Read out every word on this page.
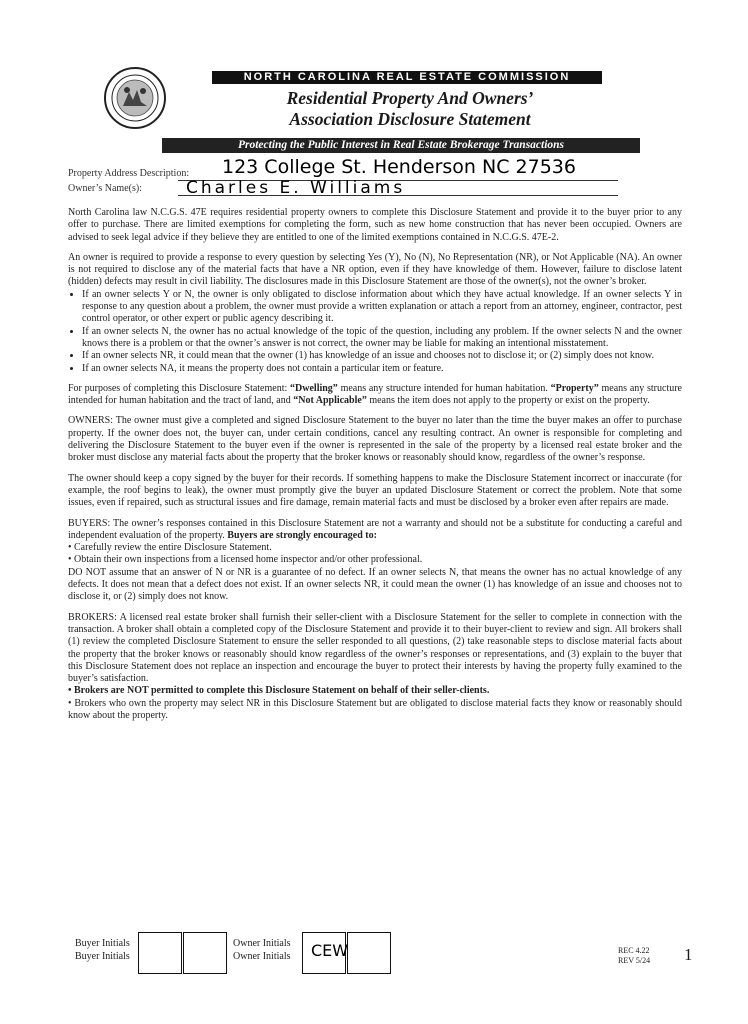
NORTH CAROLINA REAL ESTATE COMMISSION
Residential Property And Owners’
Association Disclosure Statement
Protecting the Public Interest in Real Estate Brokerage Transactions
Property Address Description: 123 College St. Henderson NC 27536
Owner’s Name(s):	Charles E. Williams

North Carolina law N.C.G.S. 47E requires residential property owners to complete this Disclosure Statement and provide it to the buyer prior to any offer to purchase. There are limited exemptions for completing the form, such as new home construction that has never been occupied. Owners are advised to seek legal advice if they believe they are entitled to one of the limited exemptions contained in N.C.G.S. 47E-2.

An owner is required to provide a response to every question by selecting Yes (Y), No (N), No Representation (NR), or Not Applicable (NA). An owner is not required to disclose any of the material facts that have a NR option, even if they have knowledge of them. However, failure to disclose latent (hidden) defects may result in civil liability. The disclosures made in this Disclosure Statement are those of the owner(s), not the owner’s broker.

• If an owner selects Y or N, the owner is only obligated to disclose information about which they have actual knowledge. If an owner selects Y in response to any question about a problem, the owner must provide a written explanation or attach a report from an attorney, engineer, contractor, pest control operator, or other expert or public agency describing it.
• If an owner selects N, the owner has no actual knowledge of the topic of the question, including any problem. If the owner selects N and the owner knows there is a problem or that the owner’s answer is not correct, the owner may be liable for making an intentional misstatement.
• If an owner selects NR, it could mean that the owner (1) has knowledge of an issue and chooses not to disclose it; or (2) simply does not know.
• If an owner selects NA, it means the property does not contain a particular item or feature.

For purposes of completing this Disclosure Statement: “Dwelling” means any structure intended for human habitation. “Property” means any structure intended for human habitation and the tract of land, and “Not Applicable” means the item does not apply to the property or exist on the property.

OWNERS: The owner must give a completed and signed Disclosure Statement to the buyer no later than the time the buyer makes an offer to purchase property. If the owner does not, the buyer can, under certain conditions, cancel any resulting contract. An owner is responsible for completing and delivering the Disclosure Statement to the buyer even if the owner is represented in the sale of the property by a licensed real estate broker and the broker must disclose any material facts about the property that the broker knows or reasonably should know, regardless of the owner’s response.

The owner should keep a copy signed by the buyer for their records. If something happens to make the Disclosure Statement incorrect or inaccurate (for example, the roof begins to leak), the owner must promptly give the buyer an updated Disclosure Statement or correct the problem. Note that some issues, even if repaired, such as structural issues and fire damage, remain material facts and must be disclosed by a broker even after repairs are made.

BUYERS: The owner’s responses contained in this Disclosure Statement are not a warranty and should not be a substitute for conducting a careful and independent evaluation of the property. Buyers are strongly encouraged to:

• Carefully review the entire Disclosure Statement.
• Obtain their own inspections from a licensed home inspector and/or other professional.

DO NOT assume that an answer of N or NR is a guarantee of no defect. If an owner selects N, that means the owner has no actual knowledge of any defects. It does not mean that a defect does not exist. If an owner selects NR, it could mean the owner (1) has knowledge of an issue and chooses not to disclose it, or (2) simply does not know.

BROKERS: A licensed real estate broker shall furnish their seller-client with a Disclosure Statement for the seller to complete in connection with the transaction. A broker shall obtain a completed copy of the Disclosure Statement and provide it to their buyer-client to review and sign. All brokers shall (1) review the completed Disclosure Statement to ensure the seller responded to all questions, (2) take reasonable steps to disclose material facts about the property that the broker knows or reasonably should know regardless of the owner’s responses or representations, and (3) explain to the buyer that this Disclosure Statement does not replace an inspection and encourage the buyer to protect their interests by having the property fully examined to the buyer’s satisfaction.

• Brokers are NOT permitted to complete this Disclosure Statement on behalf of their seller-clients.
• Brokers who own the property may select NR in this Disclosure Statement but are obligated to disclose material facts they know or reasonably should know about the property.
Buyer Initials
Buyer Initials
Owner Initials
Owner Initials CEW	REC 4.22
REV 5/24 1
